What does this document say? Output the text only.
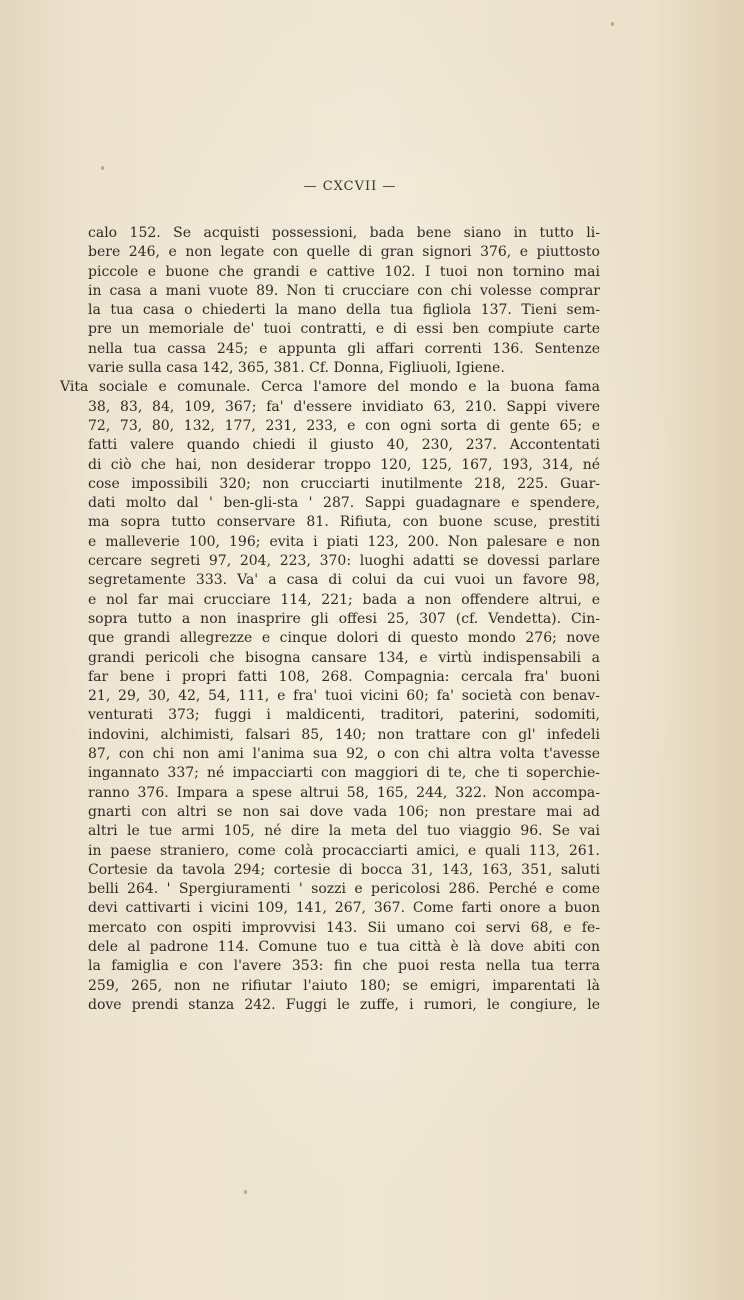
— CXCVII —
calo 152. Se acquisti possessioni, bada bene siano in tutto li-
bere 246, e non legate con quelle di gran signori 376, e piuttosto
piccole e buone che grandi e cattive 102. I tuoi non tornino mai
in casa a mani vuote 89. Non ti crucciare con chi volesse comprar
la tua casa o chiederti la mano della tua figliola 137. Tieni sem-
pre un memoriale de' tuoi contratti, e di essi ben compiute carte
nella tua cassa 245; e appunta gli affari correnti 136. Sentenze
varie sulla casa 142, 365, 381. Cf. Donna, Figliuoli, Igiene.
Vita sociale e comunale. Cerca l'amore del mondo e la buona fama
38, 83, 84, 109, 367; fa' d'essere invidiato 63, 210. Sappi vivere
72, 73, 80, 132, 177, 231, 233, e con ogni sorta di gente 65; e
fatti valere quando chiedi il giusto 40, 230, 237. Accontentati
di ciò che hai, non desiderar troppo 120, 125, 167, 193, 314, né
cose impossibili 320; non crucciarti inutilmente 218, 225. Guar-
dati molto dal ' ben-gli-sta ' 287. Sappi guadagnare e spendere,
ma sopra tutto conservare 81. Rifiuta, con buone scuse, prestiti
e malleverie 100, 196; evita i piati 123, 200. Non palesare e non
cercare segreti 97, 204, 223, 370: luoghi adatti se dovessi parlare
segretamente 333. Va' a casa di colui da cui vuoi un favore 98,
e nol far mai crucciare 114, 221; bada a non offendere altrui, e
sopra tutto a non inasprire gli offesi 25, 307 (cf. Vendetta). Cin-
que grandi allegrezze e cinque dolori di questo mondo 276; nove
grandi pericoli che bisogna cansare 134, e virtù indispensabili a
far bene i propri fatti 108, 268. Compagnia: cercala fra' buoni
21, 29, 30, 42, 54, 111, e fra' tuoi vicini 60; fa' società con benav-
venturati 373; fuggi i maldicenti, traditori, paterini, sodomiti,
indovini, alchimisti, falsari 85, 140; non trattare con gl' infedeli
87, con chi non ami l'anima sua 92, o con chi altra volta t'avesse
ingannato 337; né impacciarti con maggiori di te, che ti soperchie-
ranno 376. Impara a spese altrui 58, 165, 244, 322. Non accompa-
gnarti con altri se non sai dove vada 106; non prestare mai ad
altri le tue armi 105, né dire la meta del tuo viaggio 96. Se vai
in paese straniero, come colà procacciarti amici, e quali 113, 261.
Cortesie da tavola 294; cortesie di bocca 31, 143, 163, 351, saluti
belli 264. ' Spergiuramenti ' sozzi e pericolosi 286. Perché e come
devi cattivarti i vicini 109, 141, 267, 367. Come farti onore a buon
mercato con ospiti improvvisi 143. Sii umano coi servi 68, e fe-
dele al padrone 114. Comune tuo e tua città è là dove abiti con
la famiglia e con l'avere 353: fin che puoi resta nella tua terra
259, 265, non ne rifiutar l'aiuto 180; se emigri, imparentati là
dove prendi stanza 242. Fuggi le zuffe, i rumori, le congiure, le
